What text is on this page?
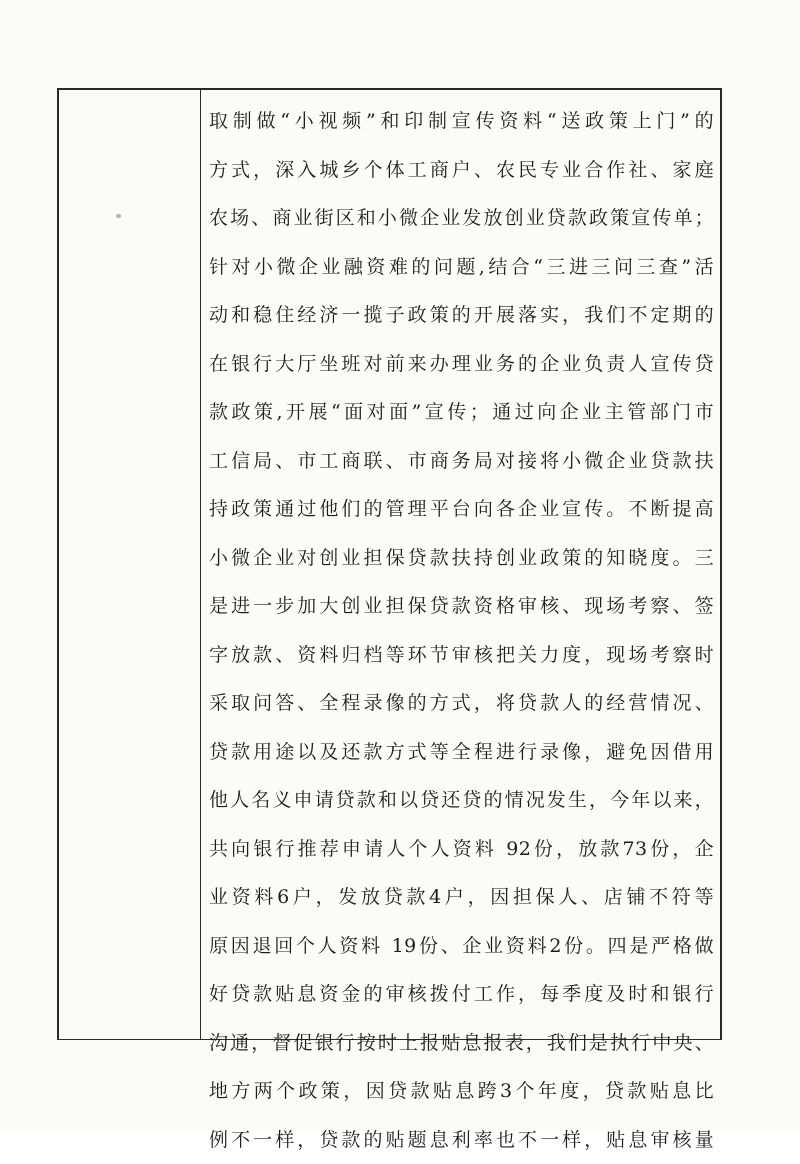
取制做“小视频”和印制宣传资料“送政策上门”的
方式，深入城乡个体工商户、农民专业合作社、家庭
农场、商业街区和小微企业发放创业贷款政策宣传单；
针对小微企业融资难的问题,结合“三进三问三查”活
动和稳住经济一揽子政策的开展落实，我们不定期的
在银行大厅坐班对前来办理业务的企业负责人宣传贷
款政策,开展“面对面”宣传；通过向企业主管部门市
工信局、市工商联、市商务局对接将小微企业贷款扶
持政策通过他们的管理平台向各企业宣传。不断提高
小微企业对创业担保贷款扶持创业政策的知晓度。三
是进一步加大创业担保贷款资格审核、现场考察、签
字放款、资料归档等环节审核把关力度，现场考察时
采取问答、全程录像的方式，将贷款人的经营情况、
贷款用途以及还款方式等全程进行录像，避免因借用
他人名义申请贷款和以贷还贷的情况发生，今年以来，
共向银行推荐申请人个人资料 92份，放款73份，企
业资料6户，发放贷款4户，因担保人、店铺不符等
原因退回个人资料 19份、企业资料2份。四是严格做
好贷款贴息资金的审核拨付工作，每季度及时和银行
沟通，督促银行按时上报贴息报表，我们是执行中央、
地方两个政策，因贷款贴息跨3个年度，贷款贴息比
例不一样，贷款的贴题息利率也不一样，贴息审核量
